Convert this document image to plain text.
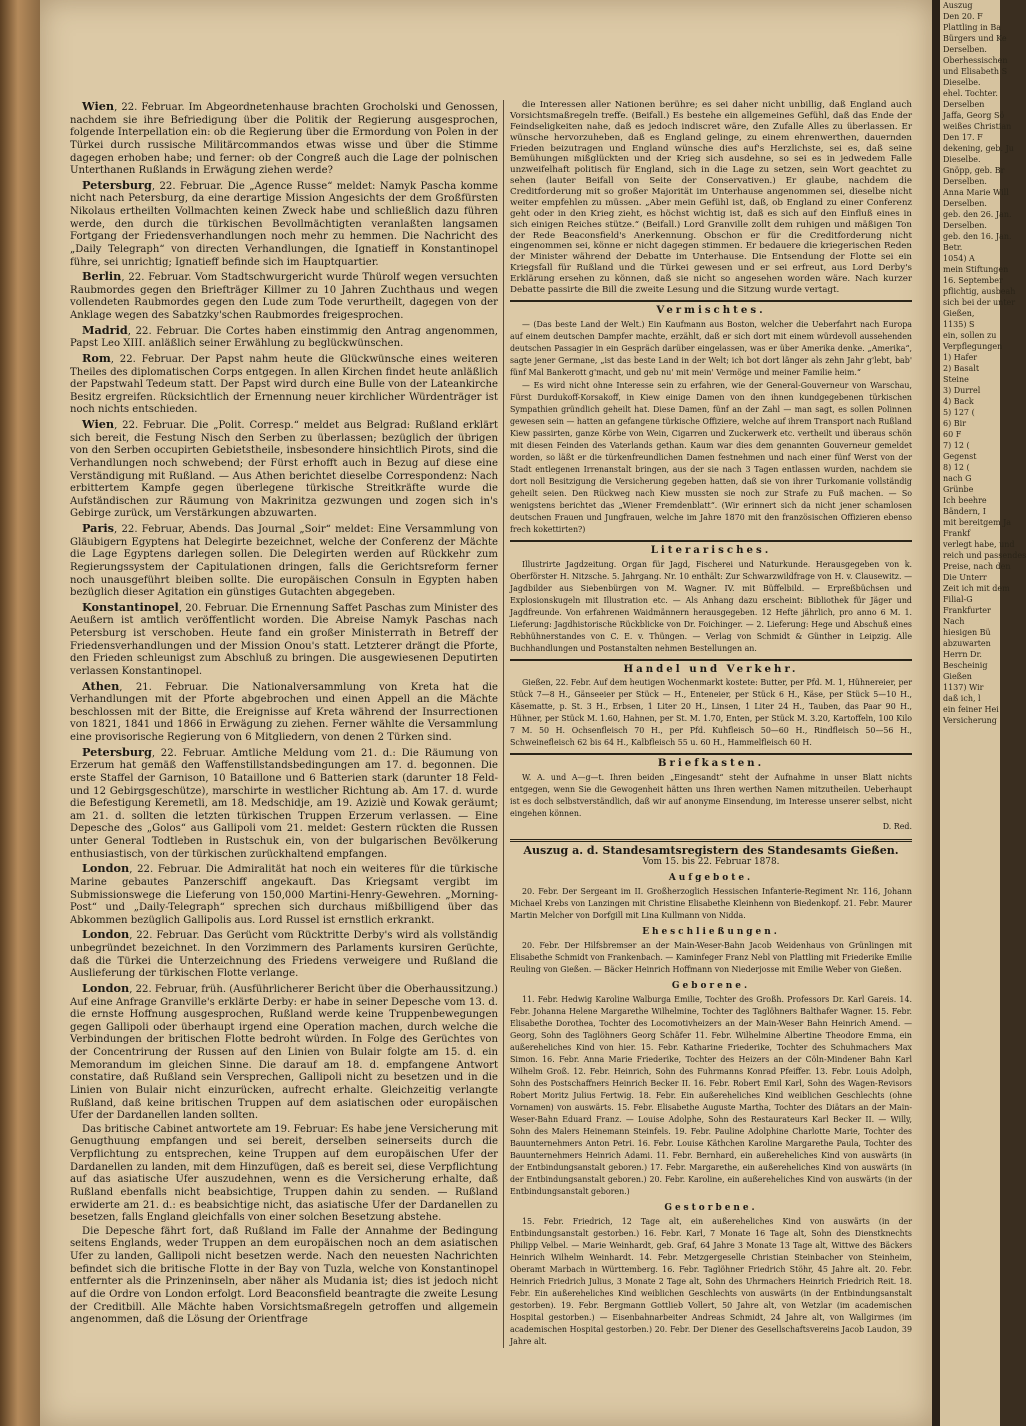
Auszug
Den 20. F
Plattling in Ba
Bürgers und Ke
Derselben.
Oberhessischen
und Elisabeth S
Dieselbe.
ehel. Tochter.
Derselben
Jaffa, Georg Sö
weißes Christian
Den 17. F
dekening, geb. Ju
Dieselbe.
Gnöpp, geb. Br
Derselben.
Anna Marie Will
Derselben.
geb. den 26. Jan.
Derselben.
geb. den 16. Jan.
Betr.
1054) A
mein Stiftungen
16. September
pflichtig, ausbeah
sich bei der unter
Gießen,
1135) S
ein, sollen zu
Verpflegungen
1) Hafer
2) Basalt
Steine
3) Durrel
4) Back
5) 127 (
6) Bir
60 F
7) 12 (
Gegenst
8) 12 (
nach G
Grünbe
Ich beehre
Bändern, I
mit bereitgem Ja
Frankf
verlegt habe, und
reich und passendes
Preise, nach den
Die Unterr
Zeit ich mit dem
Filial-G
Frankfurter
Nach
hiesigen Bü
abzuwarten
Herrn Dr.
Bescheinig
Gießen
1137) Wir
daß ich, l
ein feiner Hei
Versicherung

Wien, 22. Februar. Im Abgeordnetenhause brachten Grocholski und Genossen, nachdem sie ihre Befriedigung über die Politik der Regierung ausgesprochen, folgende Interpellation ein: ob die Regierung über die Ermordung von Polen in der Türkei durch russische Militärcommandos etwas wisse und über die Stimme dagegen erhoben habe; und ferner: ob der Congreß auch die Lage der polnischen Unterthanen Rußlands in Erwägung ziehen werde?

Petersburg, 22. Februar. Die „Agence Russe“ meldet: Namyk Pascha komme nicht nach Petersburg, da eine derartige Mission Angesichts der dem Großfürsten Nikolaus ertheilten Vollmachten keinen Zweck habe und schließlich dazu führen werde, den durch die türkischen Bevollmächtigten veranlaßten langsamen Fortgang der Friedensverhandlungen noch mehr zu hemmen. Die Nachricht des „Daily Telegraph“ von directen Verhandlungen, die Ignatieff in Konstantinopel führe, sei unrichtig; Ignatieff befinde sich im Hauptquartier.

Berlin, 22. Februar. Vom Stadtschwurgericht wurde Thürolf wegen versuchten Raubmordes gegen den Briefträger Killmer zu 10 Jahren Zuchthaus und wegen vollendeten Raubmordes gegen den Lude zum Tode verurtheilt, dagegen von der Anklage wegen des Sabatzky'schen Raubmordes freigesprochen.

Madrid, 22. Februar. Die Cortes haben einstimmig den Antrag angenommen, Papst Leo XIII. anläßlich seiner Erwählung zu beglückwünschen.

Rom, 22. Februar. Der Papst nahm heute die Glückwünsche eines weiteren Theiles des diplomatischen Corps entgegen. In allen Kirchen findet heute anläßlich der Papstwahl Tedeum statt. Der Papst wird durch eine Bulle von der Lateankirche Besitz ergreifen. Rücksichtlich der Ernennung neuer kirchlicher Würdenträger ist noch nichts entschieden.

Wien, 22. Februar. Die „Polit. Corresp.“ meldet aus Belgrad: Rußland erklärt sich bereit, die Festung Nisch den Serben zu überlassen; bezüglich der übrigen von den Serben occupirten Gebietstheile, insbesondere hinsichtlich Pirots, sind die Verhandlungen noch schwebend; der Fürst erhofft auch in Bezug auf diese eine Verständigung mit Rußland. — Aus Athen berichtet dieselbe Correspondenz: Nach erbittertem Kampfe gegen überlegene türkische Streitkräfte wurde die Aufständischen zur Räumung von Makrinitza gezwungen und zogen sich in's Gebirge zurück, um Verstärkungen abzuwarten.

Paris, 22. Februar, Abends. Das Journal „Soir“ meldet: Eine Versammlung von Gläubigern Egyptens hat Delegirte bezeichnet, welche der Conferenz der Mächte die Lage Egyptens darlegen sollen. Die Delegirten werden auf Rückkehr zum Regierungssystem der Capitulationen dringen, falls die Gerichtsreform ferner noch unausgeführt bleiben sollte. Die europäischen Consuln in Egypten haben bezüglich dieser Agitation ein günstiges Gutachten abgegeben.

Konstantinopel, 20. Februar. Die Ernennung Saffet Paschas zum Minister des Aeußern ist amtlich veröffentlicht worden. Die Abreise Namyk Paschas nach Petersburg ist verschoben. Heute fand ein großer Ministerrath in Betreff der Friedensverhandlungen und der Mission Onou's statt. Letzterer drängt die Pforte, den Frieden schleunigst zum Abschluß zu bringen. Die ausgewiesenen Deputirten verlassen Konstantinopel.

Athen, 21. Februar. Die Nationalversammlung von Kreta hat die Verhandlungen mit der Pforte abgebrochen und einen Appell an die Mächte beschlossen mit der Bitte, die Ereignisse auf Kreta während der Insurrectionen von 1821, 1841 und 1866 in Erwägung zu ziehen. Ferner wählte die Versammlung eine provisorische Regierung von 6 Mitgliedern, von denen 2 Türken sind.

Petersburg, 22. Februar. Amtliche Meldung vom 21. d.: Die Räumung von Erzerum hat gemäß den Waffenstillstandsbedingungen am 17. d. begonnen. Die erste Staffel der Garnison, 10 Bataillone und 6 Batterien stark (darunter 18 Feld- und 12 Gebirgsgeschütze), marschirte in westlicher Richtung ab. Am 17. d. wurde die Befestigung Keremetli, am 18. Medschidje, am 19. Aziziè und Kowak geräumt; am 21. d. sollten die letzten türkischen Truppen Erzerum verlassen. — Eine Depesche des „Golos“ aus Gallipoli vom 21. meldet: Gestern rückten die Russen unter General Todtleben in Rustschuk ein, von der bulgarischen Bevölkerung enthusiastisch, von der türkischen zurückhaltend empfangen.

London, 22. Februar. Die Admiralität hat noch ein weiteres für die türkische Marine gebautes Panzerschiff angekauft. Das Kriegsamt vergibt im Submissionswege die Lieferung von 150,000 Martini-Henry-Gewehren. „Morning-Post“ und „Daily-Telegraph“ sprechen sich durchaus mißbilligend über das Abkommen bezüglich Gallipolis aus. Lord Russel ist ernstlich erkrankt.

London, 22. Februar. Das Gerücht vom Rücktritte Derby's wird als vollständig unbegründet bezeichnet. In den Vorzimmern des Parlaments kursiren Gerüchte, daß die Türkei die Unterzeichnung des Friedens verweigere und Rußland die Auslieferung der türkischen Flotte verlange.

London, 22. Februar, früh. (Ausführlicherer Bericht über die Oberhaussitzung.) Auf eine Anfrage Granville's erklärte Derby: er habe in seiner Depesche vom 13. d. die ernste Hoffnung ausgesprochen, Rußland werde keine Truppenbewegungen gegen Gallipoli oder überhaupt irgend eine Operation machen, durch welche die Verbindungen der britischen Flotte bedroht würden. In Folge des Gerüchtes von der Concentrirung der Russen auf den Linien von Bulair folgte am 15. d. ein Memorandum im gleichen Sinne. Die darauf am 18. d. empfangene Antwort constatire, daß Rußland sein Versprechen, Gallipoli nicht zu besetzen und in die Linien von Bulair nicht einzurücken, aufrecht erhalte. Gleichzeitig verlangte Rußland, daß keine britischen Truppen auf dem asiatischen oder europäischen Ufer der Dardanellen landen sollten.

Das britische Cabinet antwortete am 19. Februar: Es habe jene Versicherung mit Genugthuung empfangen und sei bereit, derselben seinerseits durch die Verpflichtung zu entsprechen, keine Truppen auf dem europäischen Ufer der Dardanellen zu landen, mit dem Hinzufügen, daß es bereit sei, diese Verpflichtung auf das asiatische Ufer auszudehnen, wenn es die Versicherung erhalte, daß Rußland ebenfalls nicht beabsichtige, Truppen dahin zu senden. — Rußland erwiderte am 21. d.: es beabsichtige nicht, das asiatische Ufer der Dardanellen zu besetzen, falls England gleichfalls von einer solchen Besetzung abstehe.

Die Depesche fährt fort, daß Rußland im Falle der Annahme der Bedingung seitens Englands, weder Truppen an dem europäischen noch an dem asiatischen Ufer zu landen, Gallipoli nicht besetzen werde. Nach den neuesten Nachrichten befindet sich die britische Flotte in der Bay von Tuzla, welche von Konstantinopel entfernter als die Prinzeninseln, aber näher als Mudania ist; dies ist jedoch nicht auf die Ordre von London erfolgt. Lord Beaconsfield beantragte die zweite Lesung der Creditbill. Alle Mächte haben Vorsichtsmaßregeln getroffen und allgemein angenommen, daß die Lösung der Orientfrage

die Interessen aller Nationen berühre; es sei daher nicht unbillig, daß England auch Vorsichtsmaßregeln treffe. (Beifall.) Es bestehe ein allgemeines Gefühl, daß das Ende der Feindseligkeiten nahe, daß es jedoch indiscret wäre, den Zufalle Alles zu überlassen. Er wünsche hervorzuheben, daß es England gelinge, zu einem ehrenwerthen, dauernden Frieden beizutragen und England wünsche dies auf's Herzlichste, sei es, daß seine Bemühungen mißglückten und der Krieg sich ausdehne, so sei es in jedwedem Falle unzweifelhaft politisch für England, sich in die Lage zu setzen, sein Wort geachtet zu sehen (lauter Beifall von Seite der Conservativen.) Er glaube, nachdem die Creditforderung mit so großer Majorität im Unterhause angenommen sei, dieselbe nicht weiter empfehlen zu müssen. „Aber mein Gefühl ist, daß, ob England zu einer Conferenz geht oder in den Krieg zieht, es höchst wichtig ist, daß es sich auf den Einfluß eines in sich einigen Reiches stütze.“ (Beifall.) Lord Granville zollt dem ruhigen und mäßigen Ton der Rede Beaconsfield's Anerkennung. Obschon er für die Creditforderung nicht eingenommen sei, könne er nicht dagegen stimmen. Er bedauere die kriegerischen Reden der Minister während der Debatte im Unterhause. Die Entsendung der Flotte sei ein Kriegsfall für Rußland und die Türkei gewesen und er sei erfreut, aus Lord Derby's Erklärung ersehen zu können, daß sie nicht so angesehen worden wäre. Nach kurzer Debatte passirte die Bill die zweite Lesung und die Sitzung wurde vertagt.

Vermischtes.

— (Das beste Land der Welt.) Ein Kaufmann aus Boston, welcher die Ueberfahrt nach Europa auf einem deutschen Dampfer machte, erzählt, daß er sich dort mit einem würdevoll aussehenden deutschen Passagier in ein Gespräch darüber eingelassen, was er über Amerika denke. „Amerika“, sagte jener Germane, „ist das beste Land in der Welt; ich bot dort länger als zehn Jahr g'lebt, bab' fünf Mal Bankerott g'macht, und geb nu' mit mein' Vermöge und meiner Familie heim.“

— Es wird nicht ohne Interesse sein zu erfahren, wie der General-Gouverneur von Warschau, Fürst Durdukoff-Korsakoff, in Kiew einige Damen von den ihnen kundgegebenen türkischen Sympathien gründlich geheilt hat. Diese Damen, fünf an der Zahl — man sagt, es sollen Polinnen gewesen sein — hatten an gefangene türkische Offiziere, welche auf ihrem Transport nach Rußland Kiew passirten, ganze Körbe von Wein, Cigarren und Zuckerwerk etc. vertheilt und überaus schön mit diesen Feinden des Vaterlands gethan. Kaum war dies dem genannten Gouverneur gemeldet worden, so läßt er die türkenfreundlichen Damen festnehmen und nach einer fünf Werst von der Stadt entlegenen Irrenanstalt bringen, aus der sie nach 3 Tagen entlassen wurden, nachdem sie dort noll Besitzigung die Versicherung gegeben hatten, daß sie von ihrer Turkomanie vollständig geheilt seien. Den Rückweg nach Kiew mussten sie noch zur Strafe zu Fuß machen. — So wenigstens berichtet das „Wiener Fremdenblatt“. (Wir erinnert sich da nicht jener schamlosen deutschen Frauen und Jungfrauen, welche im Jahre 1870 mit den französischen Offizieren ebenso frech kokettirten?)

Literarisches.

Illustrirte Jagdzeitung. Organ für Jagd, Fischerei und Naturkunde. Herausgegeben von k. Oberförster H. Nitzsche. 5. Jahrgang. Nr. 10 enthält: Zur Schwarzwildfrage von H. v. Clausewitz. — Jagdbilder aus Siebenbürgen von M. Wagner. IV. mit Büffelbild. — Erpreßbüchsen und Explosionskugeln mit Illustration etc. — Als Anhang dazu erscheint: Bibliothek für Jäger und Jagdfreunde. Von erfahrenen Waidmännern herausgegeben. 12 Hefte jährlich, pro anno 6 M. 1. Lieferung: Jagdhistorische Rückblicke von Dr. Foichinger. — 2. Lieferung: Hege und Abschuß eines Rebhühnerstandes von C. E. v. Thüngen. — Verlag von Schmidt & Günther in Leipzig. Alle Buchhandlungen und Postanstalten nehmen Bestellungen an.

Handel und Verkehr.

Gießen, 22. Febr. Auf dem heutigen Wochenmarkt kostete: Butter, per Pfd. M. 1, Hühnereier, per Stück 7—8 H., Gänseeier per Stück — H., Enteneier, per Stück 6 H., Käse, per Stück 5—10 H., Käsematte, p. St. 3 H., Erbsen, 1 Liter 20 H., Linsen, 1 Liter 24 H., Tauben, das Paar 90 H., Hühner, per Stück M. 1.60, Hahnen, per St. M. 1.70, Enten, per Stück M. 3.20, Kartoffeln, 100 Kilo 7 M. 50 H. Ochsenfleisch 70 H., per Pfd. Kuhfleisch 50—60 H., Rindfleisch 50—56 H., Schweinefleisch 62 bis 64 H., Kalbfleisch 55 u. 60 H., Hammelfleisch 60 H.

Briefkasten.

W. A. und A—g—t. Ihren beiden „Eingesandt“ steht der Aufnahme in unser Blatt nichts entgegen, wenn Sie die Gewogenheit hätten uns Ihren werthen Namen mitzutheilen. Ueberhaupt ist es doch selbstverständlich, daß wir auf anonyme Einsendung, im Interesse unserer selbst, nicht eingehen können.

D. Red.
Auszug a. d. Standesamtsregistern des Standesamts Gießen.
Vom 15. bis 22. Februar 1878.
Aufgebote.

20. Febr. Der Sergeant im II. Großherzoglich Hessischen Infanterie-Regiment Nr. 116, Johann Michael Krebs von Lanzingen mit Christine Elisabethe Kleinhenn von Biedenkopf. 21. Febr. Maurer Martin Melcher von Dorfgill mit Lina Kullmann von Nidda.

Eheschließungen.

20. Febr. Der Hilfsbremser an der Main-Weser-Bahn Jacob Weidenhaus von Grünlingen mit Elisabethe Schmidt von Frankenbach. — Kaminfeger Franz Nebl von Plattling mit Friederike Emilie Reuling von Gießen. — Bäcker Heinrich Hoffmann von Niederjosse mit Emilie Weber von Gießen.

Geborene.

11. Febr. Hedwig Karoline Walburga Emilie, Tochter des Großh. Professors Dr. Karl Gareis. 14. Febr. Johanna Helene Margarethe Wilhelmine, Tochter des Taglöhners Balthafer Wagner. 15. Febr. Elisabethe Dorothea, Tochter des Locomotivheizers an der Main-Weser Bahn Heinrich Amend. — Georg, Sohn des Taglöhners Georg Schäfer 11. Febr. Wilhelmine Albertine Theodore Emma, ein außereheliches Kind von hier. 15. Febr. Katharine Friederike, Tochter des Schuhmachers Max Simon. 16. Febr. Anna Marie Friederike, Tochter des Heizers an der Cöln-Mindener Bahn Karl Wilhelm Groß. 12. Febr. Heinrich, Sohn des Fuhrmanns Konrad Pfeiffer. 13. Febr. Louis Adolph, Sohn des Postschaffners Heinrich Becker II. 16. Febr. Robert Emil Karl, Sohn des Wagen-Revisors Robert Moritz Julius Fertwig. 18. Febr. Ein außereheliches Kind weiblichen Geschlechts (ohne Vornamen) von auswärts. 15. Febr. Elisabethe Auguste Martha, Tochter des Diätars an der Main-Weser-Bahn Eduard Franz. — Louise Adolphe, Sohn des Restaurateurs Karl Becker II. — Willy, Sohn des Malers Heinemann Steinfels. 19. Febr. Pauline Adolphine Charlotte Marie, Tochter des Bauunternehmers Anton Petri. 16. Febr. Louise Käthchen Karoline Margarethe Paula, Tochter des Bauunternehmers Heinrich Adami. 11. Febr. Bernhard, ein außereheliches Kind von auswärts (in der Entbindungsanstalt geboren.) 17. Febr. Margarethe, ein außereheliches Kind von auswärts (in der Entbindungsanstalt geboren.) 20. Febr. Karoline, ein außereheliches Kind von auswärts (in der Entbindungsanstalt geboren.)

Gestorbene.

15. Febr. Friedrich, 12 Tage alt, ein außereheliches Kind von auswärts (in der Entbindungsanstalt gestorben.) 16. Febr. Karl, 7 Monate 16 Tage alt, Sohn des Dienstknechts Philipp Velbel. — Marie Weinhardt, geb. Graf, 64 Jahre 3 Monate 13 Tage alt, Wittwe des Bäckers Heinrich Wilhelm Weinhardt. 14. Febr. Metzgergeselle Christian Steinbacher von Steinheim, Oberamt Marbach in Württemberg. 16. Febr. Taglöhner Friedrich Stöhr, 45 Jahre alt. 20. Febr. Heinrich Friedrich Julius, 3 Monate 2 Tage alt, Sohn des Uhrmachers Heinrich Friedrich Reit. 18. Febr. Ein außereheliches Kind weiblichen Geschlechts von auswärts (in der Entbindungsanstalt gestorben). 19. Febr. Bergmann Gottlieb Vollert, 50 Jahre alt, von Wetzlar (im academischen Hospital gestorben.) — Eisenbahnarbeiter Andreas Schmidt, 24 Jahre alt, von Wallgirmes (im academischen Hospital gestorben.) 20. Febr. Der Diener des Gesellschaftsvereins Jacob Laudon, 39 Jahre alt.
